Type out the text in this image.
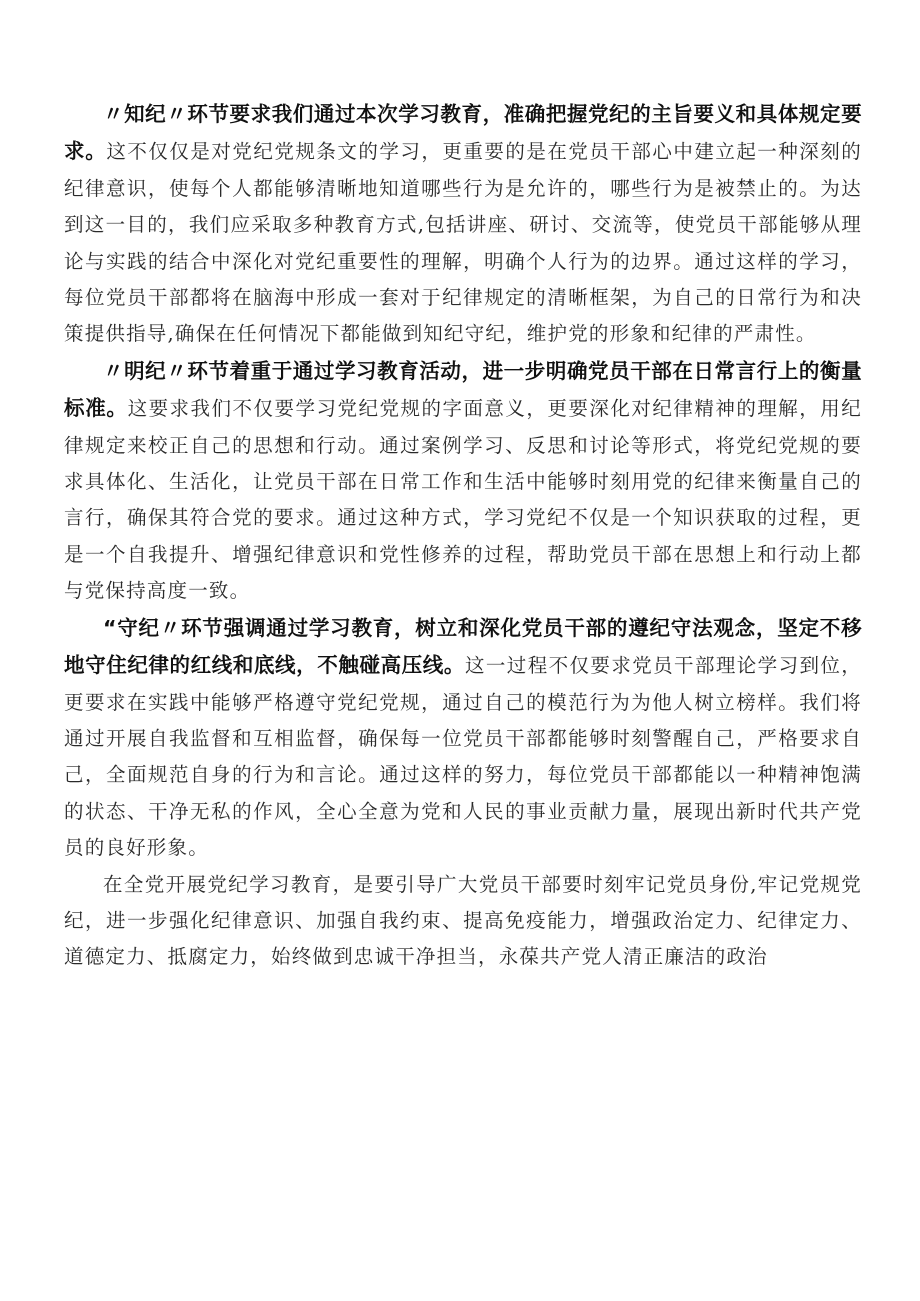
〃知纪〃环节要求我们通过本次学习教育，准确把握党纪的主旨要义和具体规定要求。这不仅仅是对党纪党规条文的学习，更重要的是在党员干部心中建立起一种深刻的纪律意识，使每个人都能够清晰地知道哪些行为是允许的，哪些行为是被禁止的。为达到这一目的，我们应采取多种教育方式,包括讲座、研讨、交流等，使党员干部能够从理论与实践的结合中深化对党纪重要性的理解，明确个人行为的边界。通过这样的学习，每位党员干部都将在脑海中形成一套对于纪律规定的清晰框架，为自己的日常行为和决策提供指导,确保在任何情况下都能做到知纪守纪，维护党的形象和纪律的严肃性。

〃明纪〃环节着重于通过学习教育活动，进一步明确党员干部在日常言行上的衡量标准。这要求我们不仅要学习党纪党规的字面意义，更要深化对纪律精神的理解，用纪律规定来校正自己的思想和行动。通过案例学习、反思和讨论等形式，将党纪党规的要求具体化、生活化，让党员干部在日常工作和生活中能够时刻用党的纪律来衡量自己的言行，确保其符合党的要求。通过这种方式，学习党纪不仅是一个知识获取的过程，更是一个自我提升、增强纪律意识和党性修养的过程，帮助党员干部在思想上和行动上都与党保持高度一致。

“守纪〃环节强调通过学习教育，树立和深化党员干部的遵纪守法观念，坚定不移地守住纪律的红线和底线，不触碰高压线。这一过程不仅要求党员干部理论学习到位，更要求在实践中能够严格遵守党纪党规，通过自己的模范行为为他人树立榜样。我们将通过开展自我监督和互相监督，确保每一位党员干部都能够时刻警醒自己，严格要求自己，全面规范自身的行为和言论。通过这样的努力，每位党员干部都能以一种精神饱满的状态、干净无私的作风，全心全意为党和人民的事业贡献力量，展现出新时代共产党员的良好形象。

在全党开展党纪学习教育，是要引导广大党员干部要时刻牢记党员身份,牢记党规党纪，进一步强化纪律意识、加强自我约束、提高免疫能力，增强政治定力、纪律定力、道德定力、抵腐定力，始终做到忠诚干净担当，永葆共产党人清正廉洁的政治
